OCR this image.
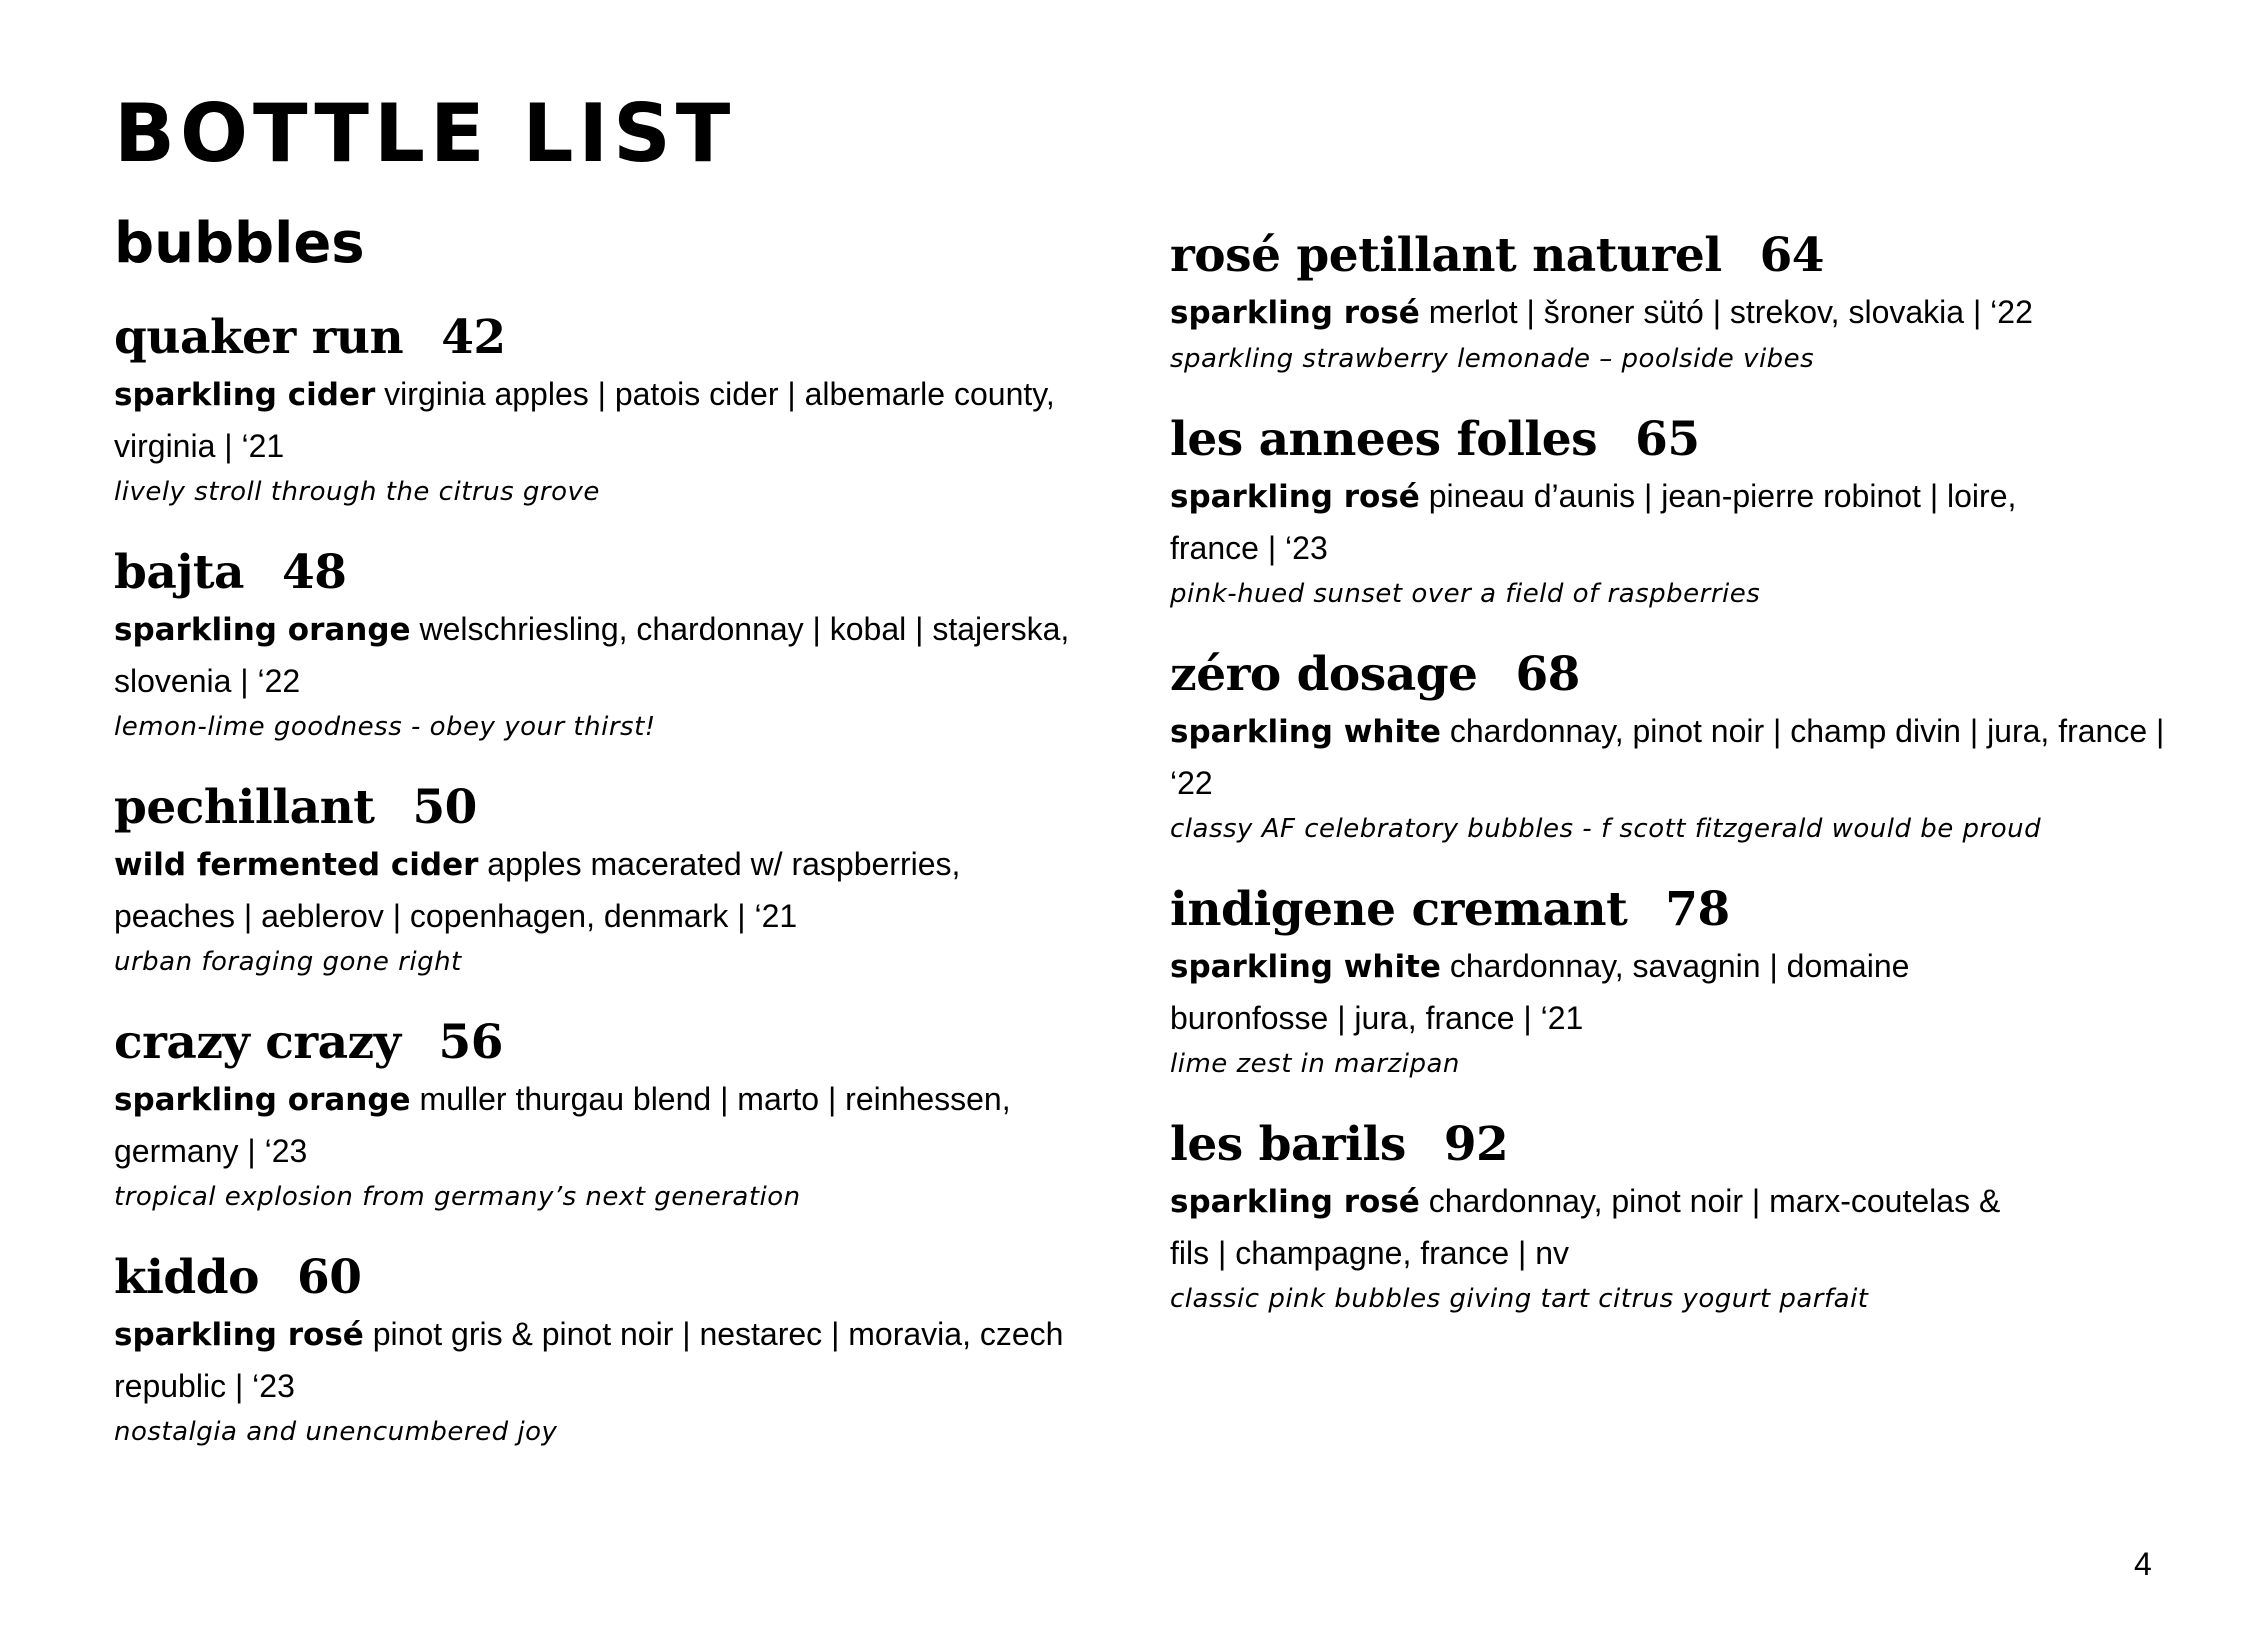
BOTTLE LIST
bubbles
quaker run 42
sparkling cider virginia apples | patois cider | albemarle county, virginia | ‘21
lively stroll through the citrus grove
bajta 48
sparkling orange welschriesling, chardonnay | kobal | stajerska, slovenia | ‘22
lemon-lime goodness - obey your thirst!
pechillant 50
wild fermented cider apples macerated w/ raspberries, peaches | aeblerov | copenhagen, denmark | ‘21
urban foraging gone right
crazy crazy 56
sparkling orange muller thurgau blend | marto | reinhessen, germany | ‘23
tropical explosion from germany’s next generation
kiddo 60
sparkling rosé pinot gris & pinot noir | nestarec | moravia, czech republic | ‘23
nostalgia and unencumbered joy
rosé petillant naturel 64
sparkling rosé merlot | šroner sütó | strekov, slovakia | ‘22
sparkling strawberry lemonade – poolside vibes
les annees folles 65
sparkling rosé pineau d’aunis | jean-pierre robinot | loire, france | ‘23
pink-hued sunset over a field of raspberries
zéro dosage 68
sparkling white chardonnay, pinot noir | champ divin | jura, france | ‘22
classy AF celebratory bubbles - f scott fitzgerald would be proud
indigene cremant 78
sparkling white chardonnay, savagnin | domaine buronfosse | jura, france | ‘21
lime zest in marzipan
les barils 92
sparkling rosé chardonnay, pinot noir | marx-coutelas & fils | champagne, france | nv
classic pink bubbles giving tart citrus yogurt parfait
4
